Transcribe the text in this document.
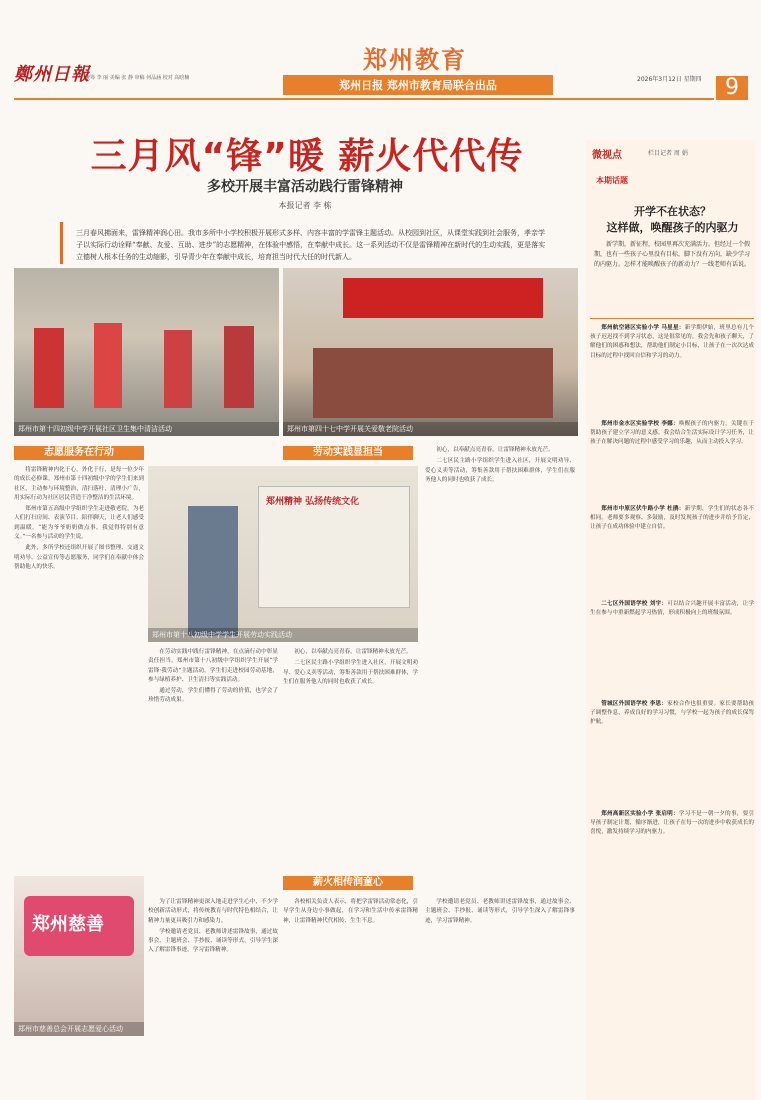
鄭州日報
统筹 李 丽 美编 张 静 审稿 何品涵 校对 高晗楠
郑州教育
郑州日报 郑州市教育局联合出品	2026年3月12日 星期四	9
三月风“锋”暖 薪火代代传
多校开展丰富活动践行雷锋精神
本报记者 李 栋
三月春风拂面来，雷锋精神润心田。我市多所中小学校积极开展形式多样、内容丰富的学雷锋主题活动。从校园到社区，从课堂实践到社会服务，孝亲学子以实际行动诠释“奉献、友爱、互助、进步”的志愿精神，在体验中感悟，在奉献中成长。这一系列活动不仅是雷锋精神在新时代的生动实践，更是落实立德树人根本任务的生动缩影，引导青少年在奉献中成长，培育担当时代大任的时代新人。
郑州市第十四初级中学开展社区卫生集中清洁活动	郑州市第四十七中学开展关爱敬老院活动
志愿服务在行动	劳动实践显担当

将雷锋精神内化于心，外化于行，是每一位少年的成长必修课。郑州市第十四初级中学的学生们来到社区，主动参与环境整治，清扫落叶，清理小广告，用实际行动为社区居民营造干净整洁的生活环境。

郑州市第五高级中学组织学生走进敬老院，为老人们打扫房间、表演节目、陪伴聊天，让老人们感受到温暖。“能为爷爷奶奶做点事，我觉得特别有意义。”一名参与活动的学生说。

此外，多所学校还组织开展了图书整理、交通文明劝导、公益宣传等志愿服务，同学们在奉献中体会帮助他人的快乐。

郑州精神 弘扬传统文化
郑州市第十八初级中学学生开展劳动实践活动

在劳动实践中践行雷锋精神，在点滴行动中彰显责任担当。郑州市第十八初级中学组织学生开展“学雷锋·我劳动”主题活动，学生们走进校园劳动基地，参与绿植养护、卫生清扫等实践活动。

通过劳动，学生们懂得了劳动的价值，也学会了珍惜劳动成果。

初心，以奉献点亮青春，让雷锋精神永放光芒。

二七区民主路小学组织学生进入社区，开展文明劝导、爱心义卖等活动，筹集善款用于帮扶困难群体，学生们在服务他人的同时也收获了成长。

初心，以奉献点亮青春，让雷锋精神永放光芒。

二七区民主路小学组织学生进入社区，开展文明劝导、爱心义卖等活动，筹集善款用于帮扶困难群体，学生们在服务他人的同时也收获了成长。

薪火相传润童心
郑州慈善
郑州市慈善总会开展志愿爱心活动

为了让雷锋精神更深入地走进学生心中，不少学校创新活动形式，将传统教育与时代特色相结合，让精神力量更具吸引力和感染力。

学校邀请老党员、老教师讲述雷锋故事，通过故事会、主题班会、手抄报、诵读等形式，引导学生深入了解雷锋事迹，学习雷锋精神。

各校相关负责人表示，将把学雷锋活动常态化，引导学生从身边小事做起，在学习和生活中传承雷锋精神，让雷锋精神代代相传、生生不息。

学校邀请老党员、老教师讲述雷锋故事，通过故事会、主题班会、手抄报、诵读等形式，引导学生深入了解雷锋事迹，学习雷锋精神。

微视点	栏目记者 周 娟
本期话题
开学不在状态？
这样做，唤醒孩子的内驱力
新学期，新征程，校园里再次充满活力。但经过一个假期，也有一些孩子心里没有目标，脚下没有方向，缺少学习的内驱力。怎样才能唤醒孩子的新动力？一线老师有话说。
郑州航空港区实验小学 马星星：新学期伊始，班里总有几个孩子迟迟找不到学习状态，这是很常见的。我会先和孩子聊天，了解他们的困惑和想法，帮助他们制定小目标，让孩子在一次次达成目标的过程中找回自信和学习的动力。
郑州市金水区实验学校 李娜：唤醒孩子的内驱力，关键在于帮助孩子建立学习的意义感。我会结合生活实际设计学习任务，让孩子在解决问题的过程中感受学习的乐趣，从而主动投入学习。
郑州市中原区伏牛路小学 杜鹃：新学期，学生们的状态各不相同。老师要多观察、多鼓励，及时发现孩子的进步并给予肯定，让孩子在成功体验中建立自信。
二七区外国语学校 刘宇：可以结合兴趣开展丰富活动，让学生在参与中重新燃起学习热情，形成积极向上的班级氛围。
管城区外国语学校 李思：家校合作也很重要。家长要帮助孩子调整作息，养成良好的学习习惯，与学校一起为孩子的成长保驾护航。
郑州高新区实验小学 张启明：学习不是一朝一夕的事，要引导孩子制定计划，循序渐进，让孩子在每一次的进步中收获成长的喜悦，激发持续学习的内驱力。
